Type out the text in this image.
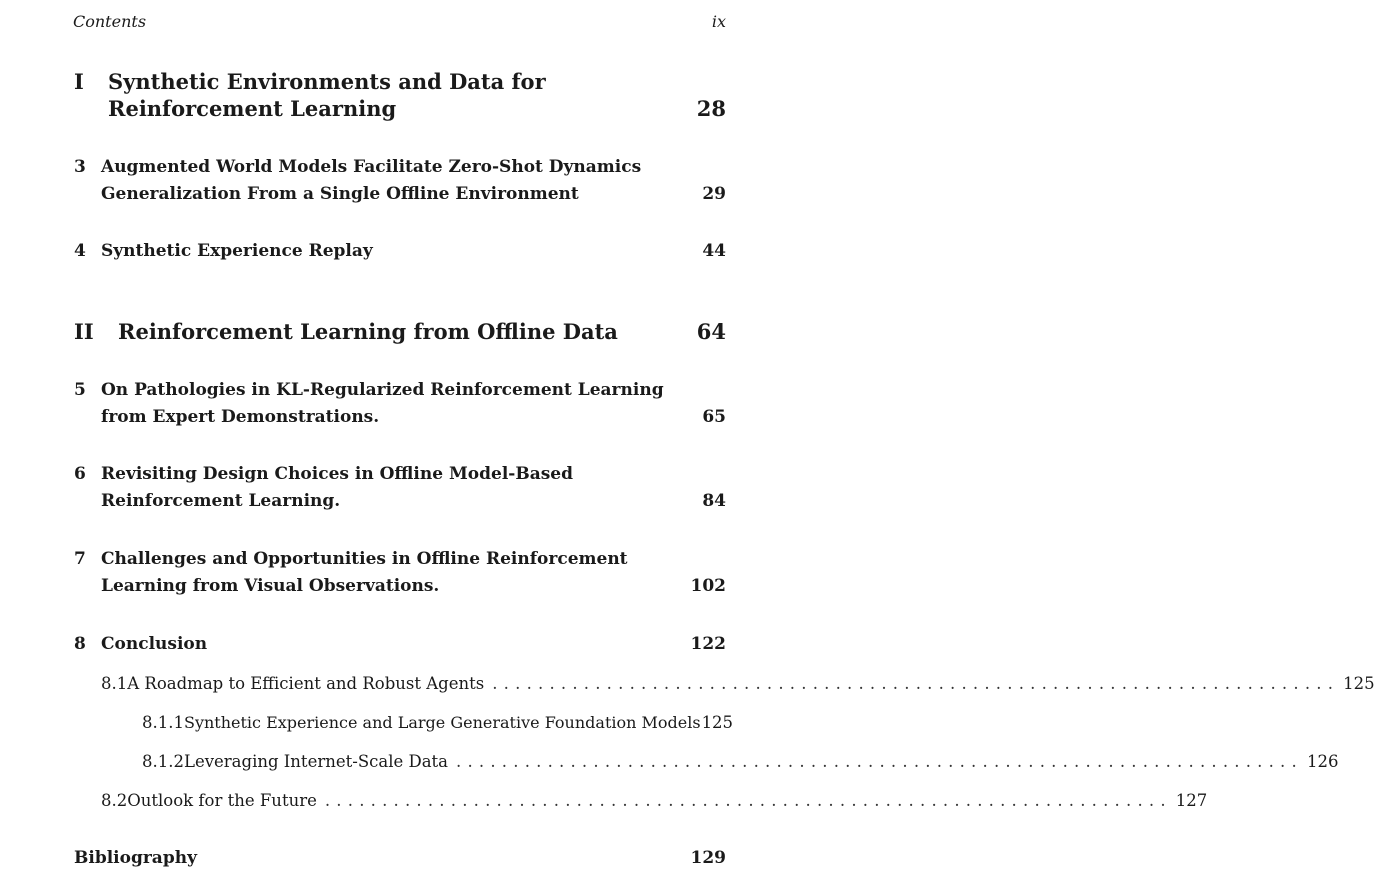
Contents	ix
I Synthetic Environments and Data for Reinforcement Learning	28
3 Augmented World Models Facilitate Zero-Shot Dynamics Generalization From a Single Offline Environment	29
4 Synthetic Experience Replay	44
II Reinforcement Learning from Offline Data	64
5 On Pathologies in KL-Regularized Reinforcement Learning from Expert Demonstrations.	65
6 Revisiting Design Choices in Offline Model-Based Reinforcement Learning.	84
7 Challenges and Opportunities in Offline Reinforcement Learning from Visual Observations.	102
8 Conclusion	122
8.1 A Roadmap to Efficient and Robust Agents .......................................................................... 125
8.1.1 Synthetic Experience and Large Generative Foundation Models 125
8.1.2 Leveraging Internet-Scale Data .......................................................................... 126
8.2 Outlook for the Future .......................................................................... 127
Bibliography	129
